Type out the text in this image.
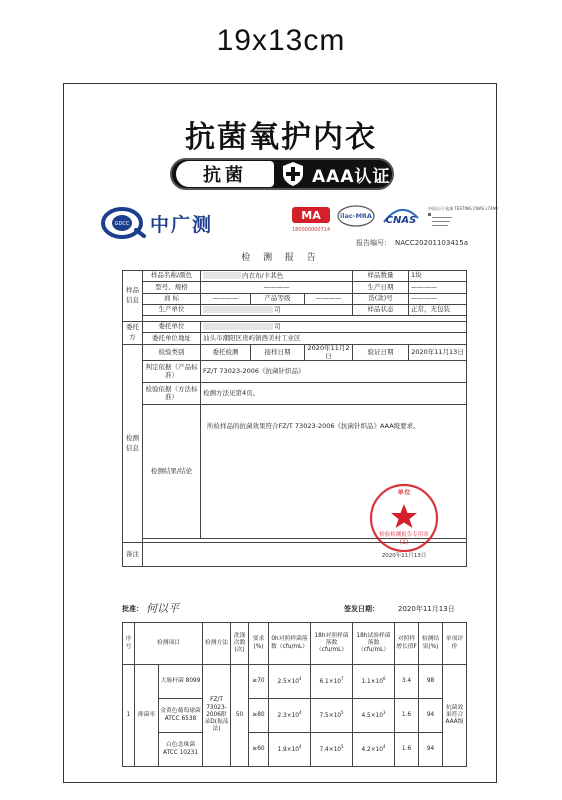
19x13cm
抗菌氧护内衣
抗菌	AAA认证
GDCC 中广测	MA
180000000714
ilac-MRA CNAS
中国认可 检测 TESTING CNAS L7490
报告编号： NACC20201103415a
检 测 报 告
样品信息	样品名称/颜色	内衣布/卡其色			样品数量	1块
	型号、规格	————			生产日期	————
	商 标	————	产品等级	————	货(款)号	————
	生产单位	司			样品状态	正常，无包装

委托方	委托单位	司				
	委托单位地址	汕头市潮阳区贵屿镇西美村工业区				
检测信息	检验类别	委托检测	接样日期	2020年11月2日	验证日期	2020年11月13日
	判定依据（产品标准）	FZ/T 73023-2006《抗菌针织品》				
	检验依据（方法标准）	检测方法见第4页。				
	检测结果/结论	所检样品的抗菌效果符合FZ/T 73023-2006《抗菌针织品》AAA级要求。				

备注						
单位
检验检测报告专用章
(1)
2020年11月13日
批准： 何以平	签发日期：	2020年11月13日
序号	检测项目		检测方法	洗涤次数(次)	要求(%)	0h对照样菌落数（cfu/mL）	18h对照样菌落数（cfu/mL）	18h试验样菌落数（cfu/mL）	对照样增长值F	检测结果(%)	单项评价
1	抑菌率	大肠杆菌 8099	FZ/T 73023-2006附录D(振荡法)	50	≥70	$2.5\times 10^4$	$6.1\times 10^7$	$1.1\times 10^6$	3.4	98	抗菌效果符合AAA级
		金黄色葡萄球菌 ATCC 6538			≥80	$2.3\times 10^4$	$7.5\times 10^5$	$4.5\times 10^3$	1.6	94	
		白色念珠菌 ATCC 10231			≥60	$1.9\times 10^4$	$7.4\times 10^5$	$4.2\times 10^4$	1.6	94	
